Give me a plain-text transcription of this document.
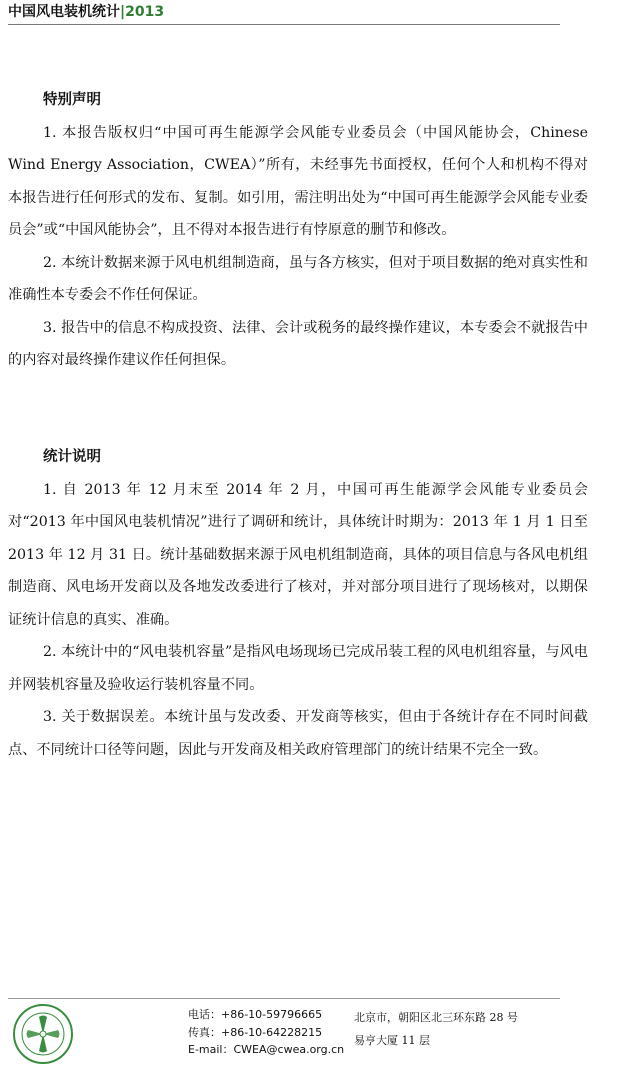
中国风电装机统计|2013
特别声明

1. 本报告版权归“中国可再生能源学会风能专业委员会（中国风能协会，Chinese Wind Energy Association，CWEA）”所有，未经事先书面授权，任何个人和机构不得对本报告进行任何形式的发布、复制。如引用，需注明出处为“中国可再生能源学会风能专业委员会”或“中国风能协会”，且不得对本报告进行有悖原意的删节和修改。

2. 本统计数据来源于风电机组制造商，虽与各方核实，但对于项目数据的绝对真实性和准确性本专委会不作任何保证。

3. 报告中的信息不构成投资、法律、会计或税务的最终操作建议，本专委会不就报告中的内容对最终操作建议作任何担保。

统计说明

1. 自 2013 年 12 月末至 2014 年 2 月，中国可再生能源学会风能专业委员会对“2013 年中国风电装机情况”进行了调研和统计，具体统计时期为：2013 年 1 月 1 日至 2013 年 12 月 31 日。统计基础数据来源于风电机组制造商，具体的项目信息与各风电机组制造商、风电场开发商以及各地发改委进行了核对，并对部分项目进行了现场核对，以期保证统计信息的真实、准确。

2. 本统计中的“风电装机容量”是指风电场现场已完成吊装工程的风电机组容量，与风电并网装机容量及验收运行装机容量不同。

3. 关于数据误差。本统计虽与发改委、开发商等核实，但由于各统计存在不同时间截点、不同统计口径等问题，因此与开发商及相关政府管理部门的统计结果不完全一致。

电话：+86-10-59796665
传真：+86-10-64228215
E-mail：CWEA@cwea.org.cn
北京市，朝阳区北三环东路 28 号
易亨大厦 11 层
